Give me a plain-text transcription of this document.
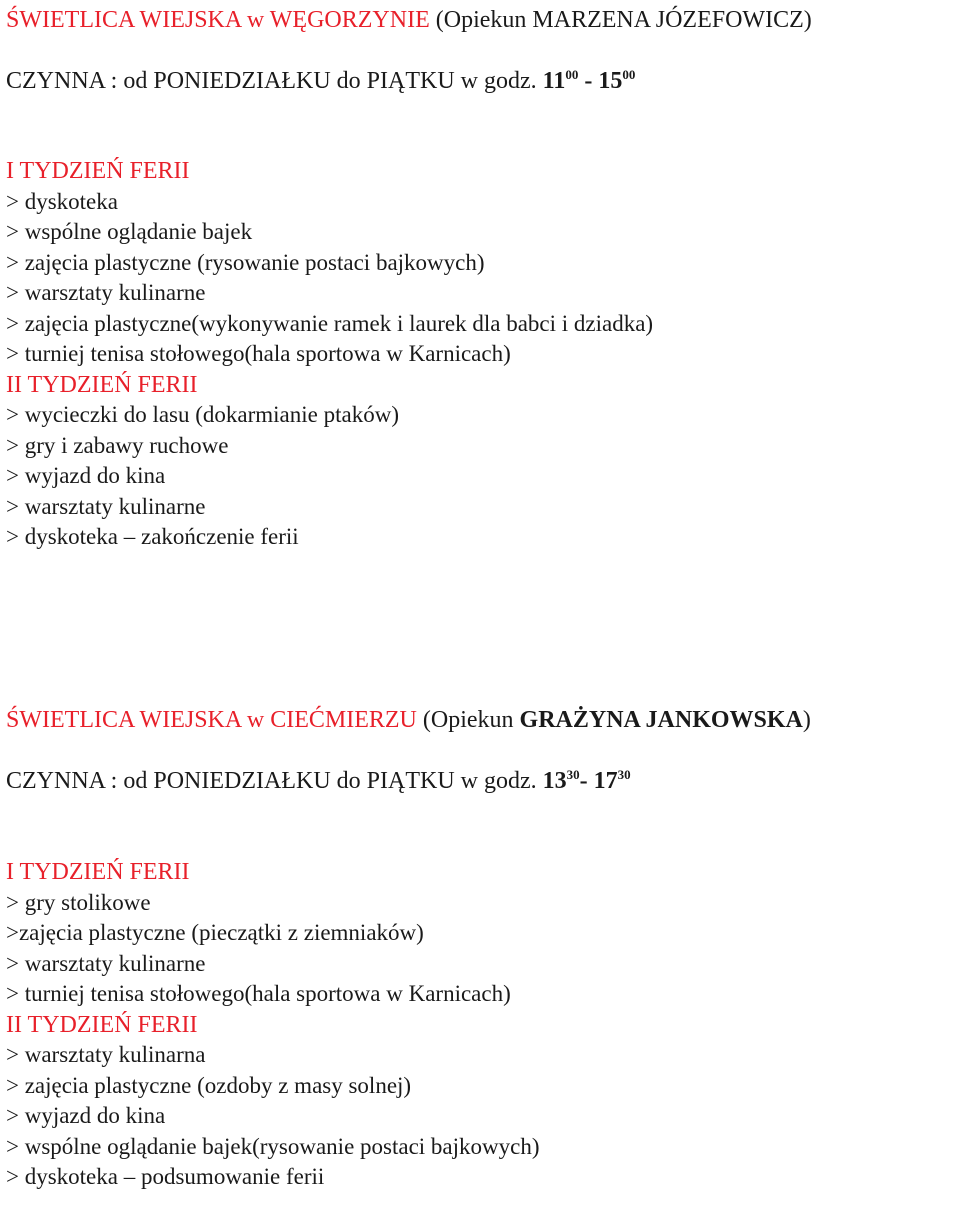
ŚWIETLICA WIEJSKA w WĘGORZYNIE (Opiekun MARZENA JÓZEFOWICZ)
CZYNNA : od PONIEDZIAŁKU do PIĄTKU w godz. $11^{00} - 15^{00}$
I TYDZIEŃ FERII
> dyskoteka
> wspólne oglądanie bajek
> zajęcia plastyczne (rysowanie postaci bajkowych)
> warsztaty kulinarne
> zajęcia plastyczne(wykonywanie ramek i laurek dla babci i dziadka)
> turniej tenisa stołowego(hala sportowa w Karnicach)
II TYDZIEŃ FERII
> wycieczki do lasu (dokarmianie ptaków)
> gry i zabawy ruchowe
> wyjazd do kina
> warsztaty kulinarne
> dyskoteka – zakończenie ferii
ŚWIETLICA WIEJSKA w CIEĆMIERZU (Opiekun GRAŻYNA JANKOWSKA)
CZYNNA : od PONIEDZIAŁKU do PIĄTKU w godz. $13^{30}-$ $17^{30}$
I TYDZIEŃ FERII
> gry stolikowe
>zajęcia plastyczne (pieczątki z ziemniaków)
> warsztaty kulinarne
> turniej tenisa stołowego(hala sportowa w Karnicach)
II TYDZIEŃ FERII
> warsztaty kulinarna
> zajęcia plastyczne (ozdoby z masy solnej)
> wyjazd do kina
> wspólne oglądanie bajek(rysowanie postaci bajkowych)
> dyskoteka – podsumowanie ferii
